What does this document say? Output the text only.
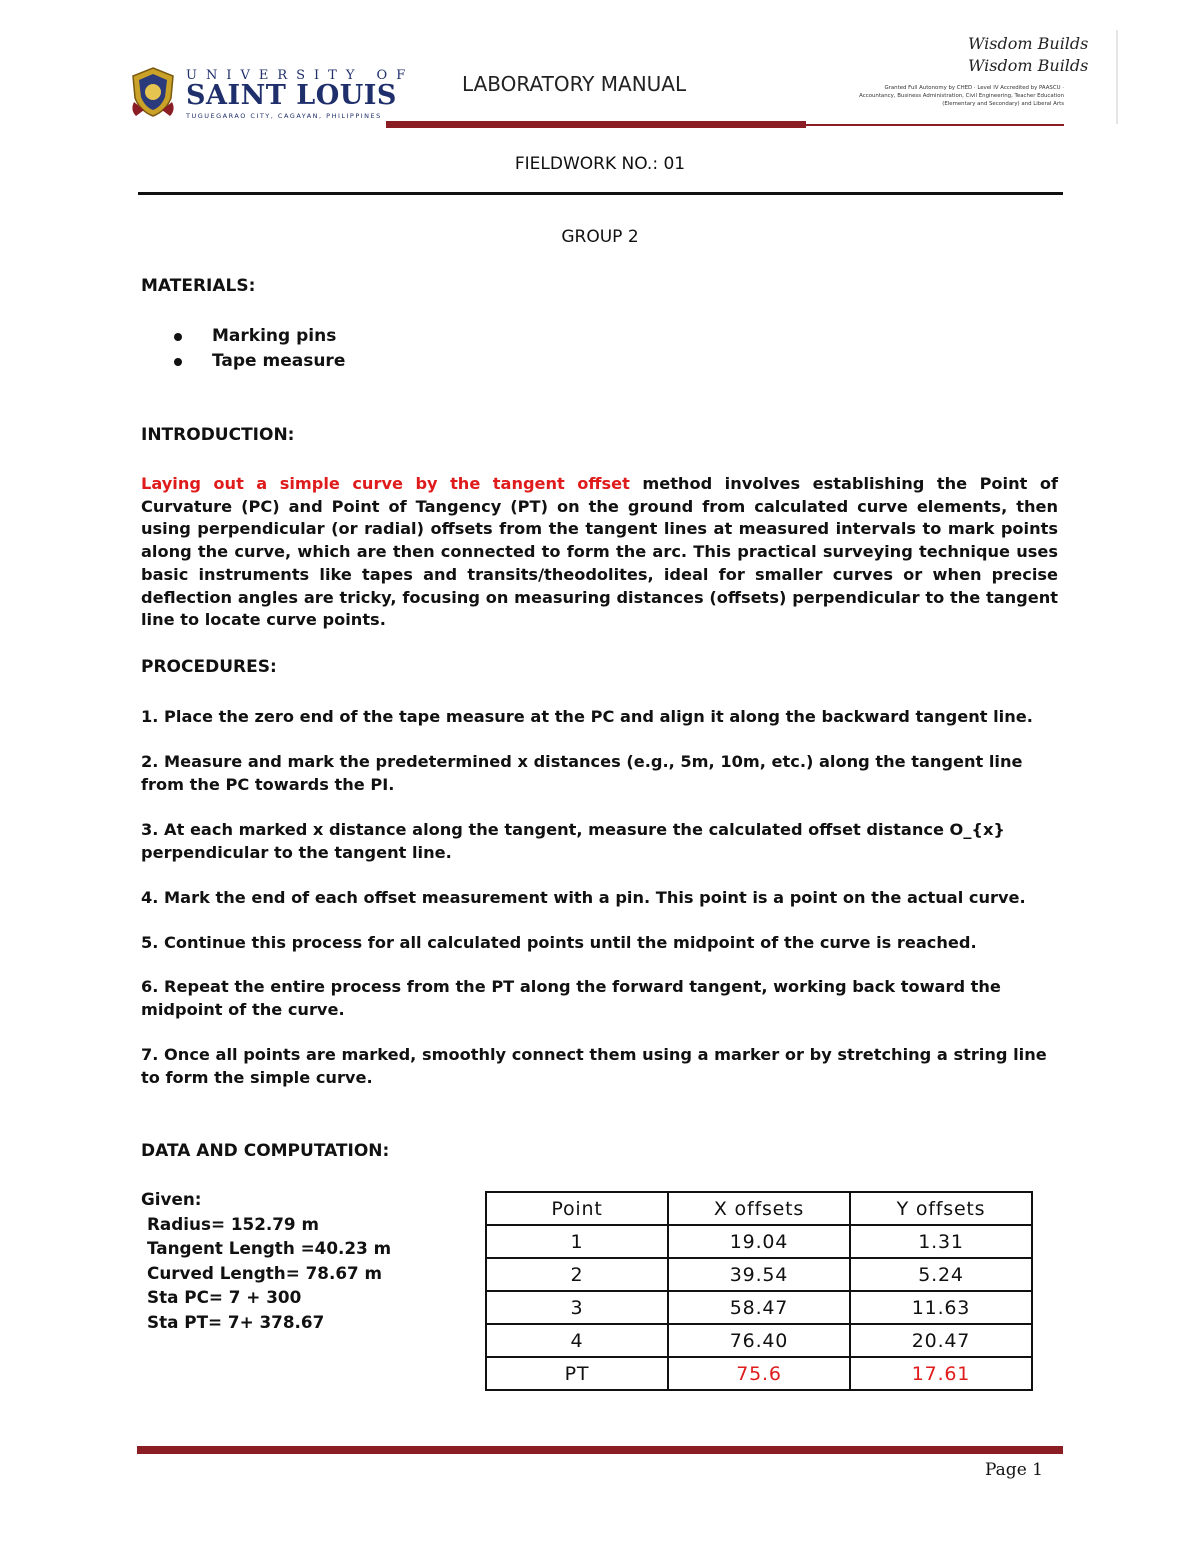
UNIVERSITY OF
SAINT LOUIS
TUGUEGARAO CITY, CAGAYAN, PHILIPPINES
LABORATORY MANUAL
Wisdom Builds
Wisdom Builds
Granted Full Autonomy by CHED · Level IV Accredited by PAASCU · Accountancy, Business Administration, Civil Engineering, Teacher Education (Elementary and Secondary) and Liberal Arts
FIELDWORK NO.: 01
GROUP 2
MATERIALS:
Marking pins
Tape measure
INTRODUCTION:

Laying out a simple curve by the tangent offset method involves establishing the Point of Curvature (PC) and Point of Tangency (PT) on the ground from calculated curve elements, then using perpendicular (or radial) offsets from the tangent lines at measured intervals to mark points along the curve, which are then connected to form the arc. This practical surveying technique uses basic instruments like tapes and transits/theodolites, ideal for smaller curves or when precise deflection angles are tricky, focusing on measuring distances (offsets) perpendicular to the tangent line to locate curve points.

PROCEDURES:

1. Place the zero end of the tape measure at the PC and align it along the backward tangent line.

2. Measure and mark the predetermined x distances (e.g., 5m, 10m, etc.) along the tangent line from the PC towards the PI.

3. At each marked x distance along the tangent, measure the calculated offset distance O_{x} perpendicular to the tangent line.

4. Mark the end of each offset measurement with a pin. This point is a point on the actual curve.

5. Continue this process for all calculated points until the midpoint of the curve is reached.

6. Repeat the entire process from the PT along the forward tangent, working back toward the midpoint of the curve.

7. Once all points are marked, smoothly connect them using a marker or by stretching a string line to form the simple curve.

DATA AND COMPUTATION:
Given:
Radius= 152.79 m
Tangent Length =40.23 m
Curved Length= 78.67 m
Sta PC= 7 + 300
Sta PT= 7+ 378.67
Point	X offsets	Y offsets
1	19.04	1.31
2	39.54	5.24
3	58.47	11.63
4	76.40	20.47
PT	75.6	17.61
Page 1
